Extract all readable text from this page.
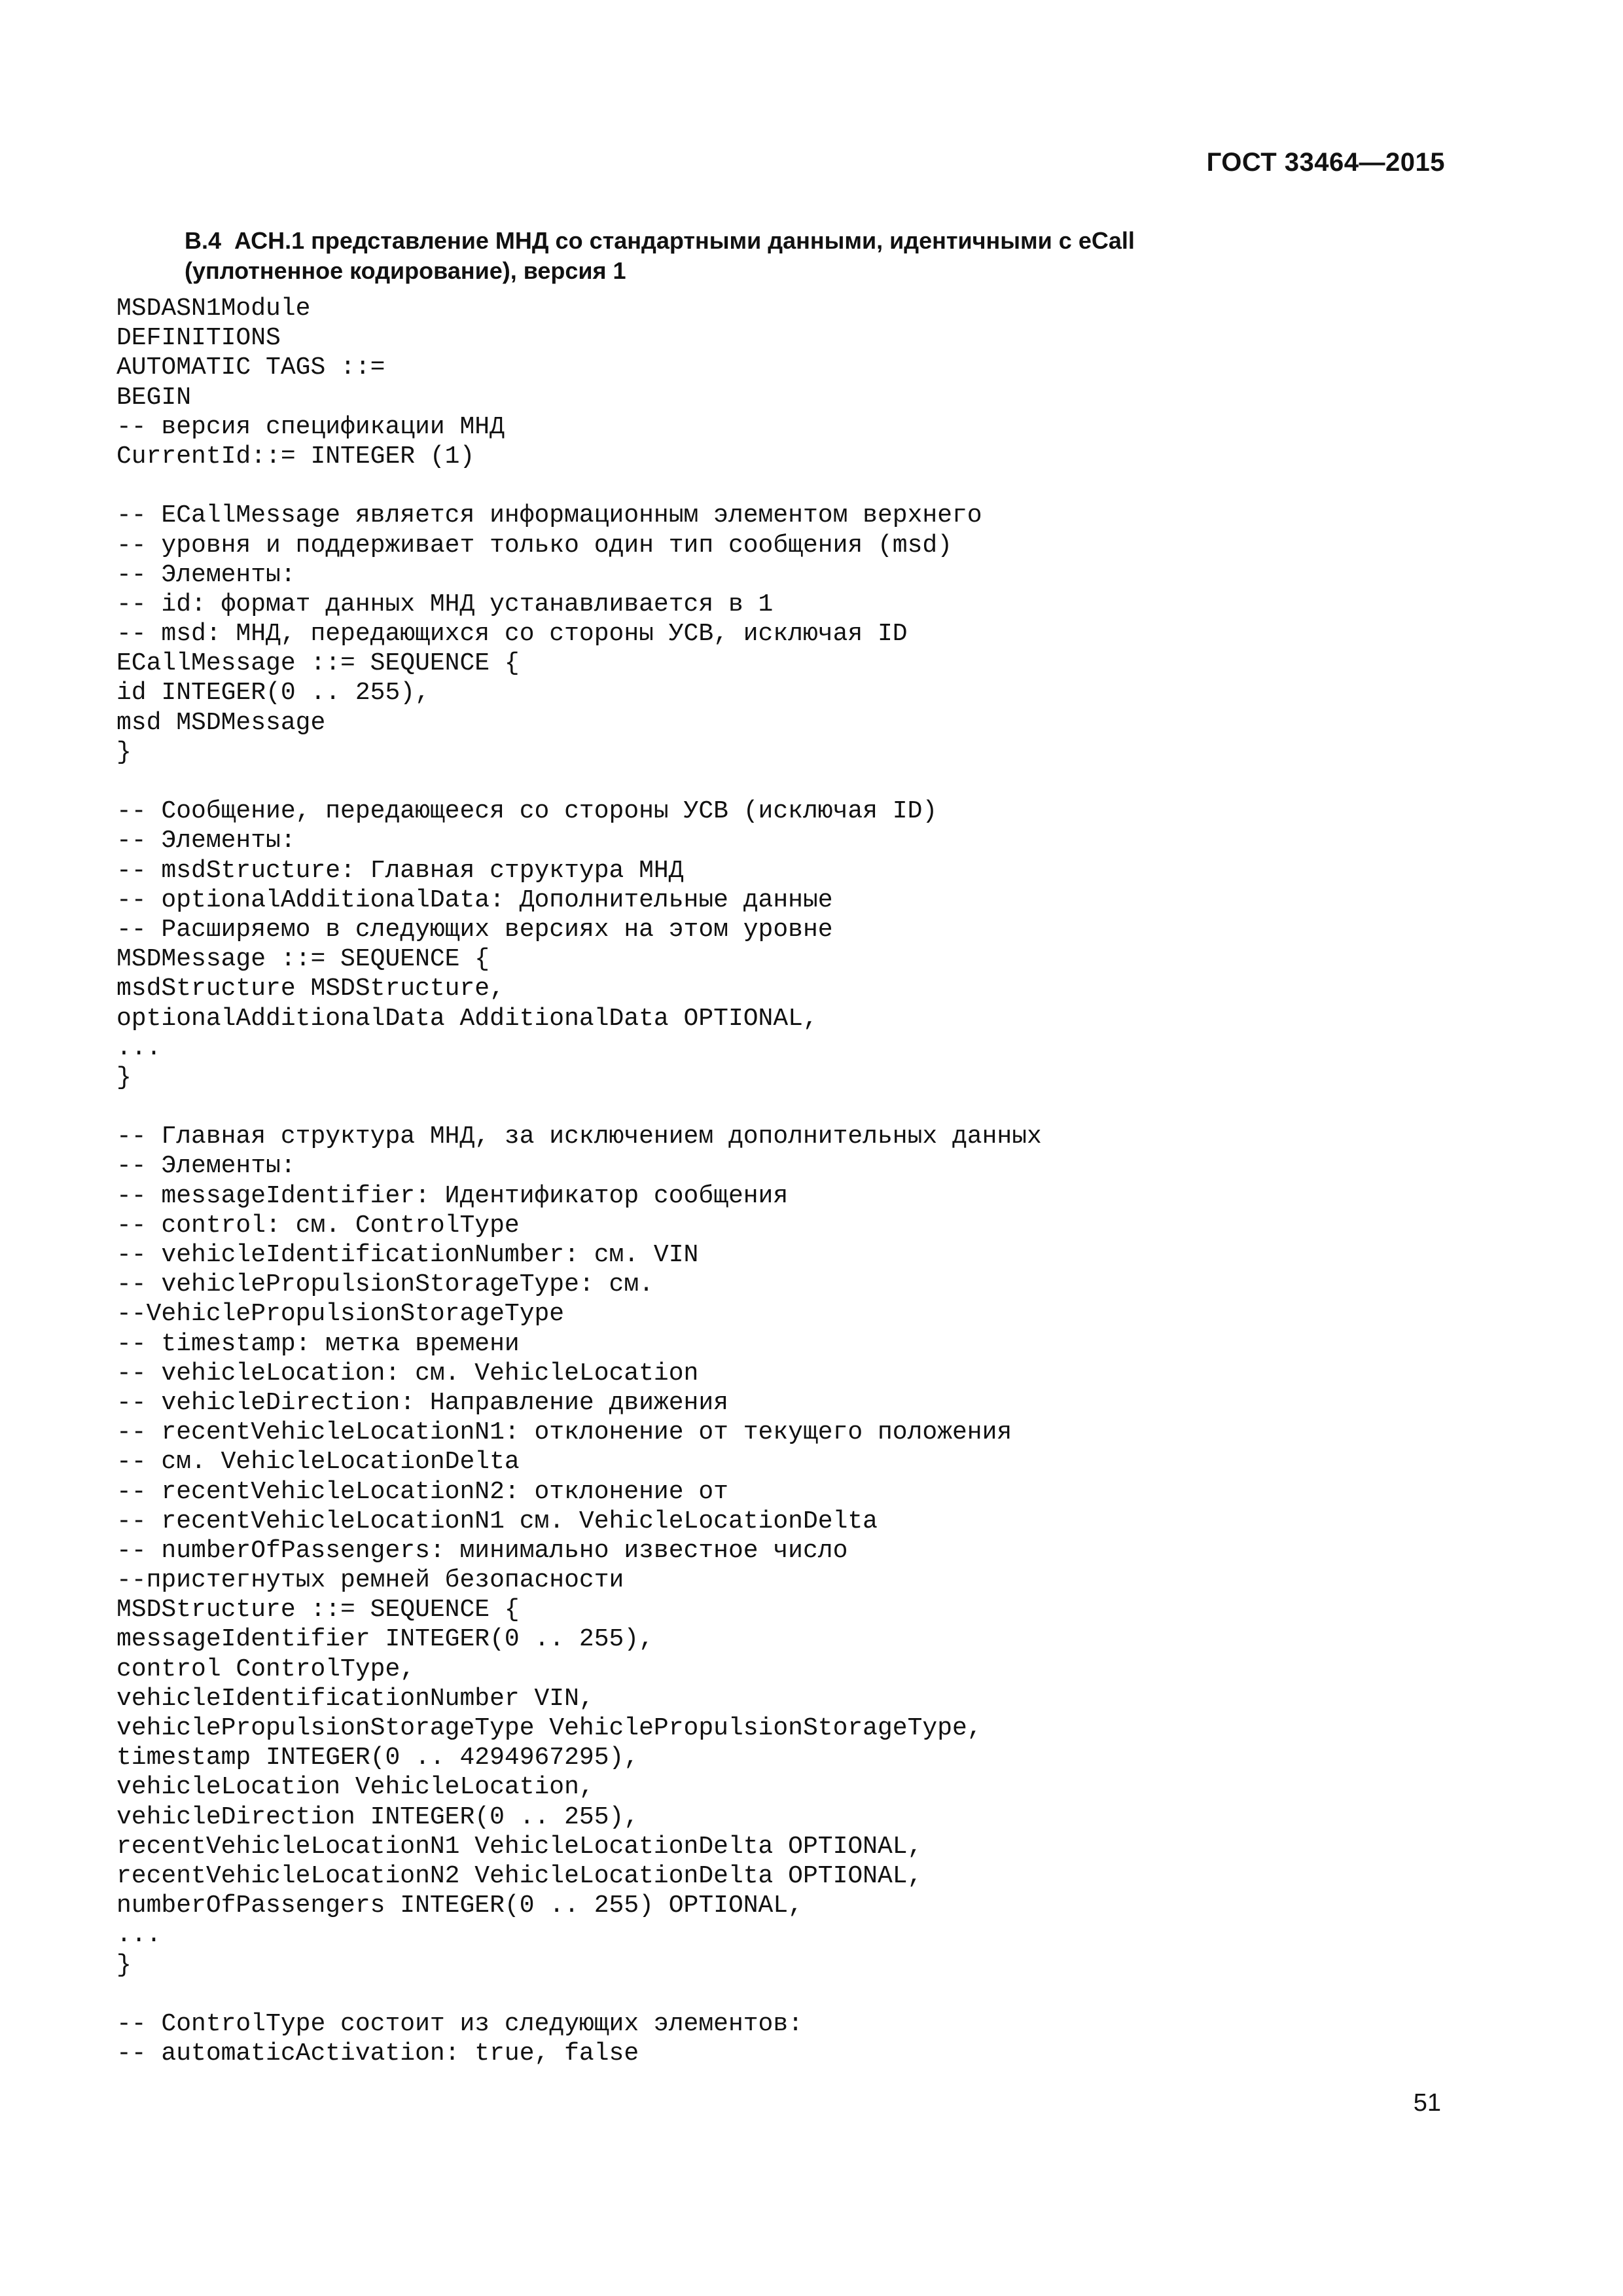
ГОСТ 33464—2015
B.4  АСН.1 представление МНД со стандартными данными, идентичными с eCall
(уплотненное кодирование), версия 1
MSDASN1Module
DEFINITIONS
AUTOMATIC TAGS ::=
BEGIN
-- версия спецификации МНД
CurrentId::= INTEGER (1)
-- ECallMessage является информационным элементом верхнего
-- уровня и поддерживает только один тип сообщения (msd)
-- Элементы:
-- id: формат данных МНД устанавливается в 1
-- msd: МНД, передающихся со стороны УСВ, исключая ID
ECallMessage ::= SEQUENCE {
id INTEGER(0 .. 255),
msd MSDMessage
}
-- Сообщение, передающееся со стороны УСВ (исключая ID)
-- Элементы:
-- msdStructure: Главная структура МНД
-- optionalAdditionalData: Дополнительные данные
-- Расширяемо в следующих версиях на этом уровне
MSDMessage ::= SEQUENCE {
msdStructure MSDStructure,
optionalAdditionalData AdditionalData OPTIONAL,
...
}
-- Главная структура МНД, за исключением дополнительных данных
-- Элементы:
-- messageIdentifier: Идентификатор сообщения
-- control: см. ControlType
-- vehicleIdentificationNumber: см. VIN
-- vehiclePropulsionStorageType: см.
--VehiclePropulsionStorageType
-- timestamp: метка времени
-- vehicleLocation: см. VehicleLocation
-- vehicleDirection: Направление движения
-- recentVehicleLocationN1: отклонение от текущего положения
-- см. VehicleLocationDelta
-- recentVehicleLocationN2: отклонение от
-- recentVehicleLocationN1 см. VehicleLocationDelta
-- numberOfPassengers: минимально известное число
--пристегнутых ремней безопасности
MSDStructure ::= SEQUENCE {
messageIdentifier INTEGER(0 .. 255),
control ControlType,
vehicleIdentificationNumber VIN,
vehiclePropulsionStorageType VehiclePropulsionStorageType,
timestamp INTEGER(0 .. 4294967295),
vehicleLocation VehicleLocation,
vehicleDirection INTEGER(0 .. 255),
recentVehicleLocationN1 VehicleLocationDelta OPTIONAL,
recentVehicleLocationN2 VehicleLocationDelta OPTIONAL,
numberOfPassengers INTEGER(0 .. 255) OPTIONAL,
...
}
-- ControlType состоит из следующих элементов:
-- automaticActivation: true, false
51
